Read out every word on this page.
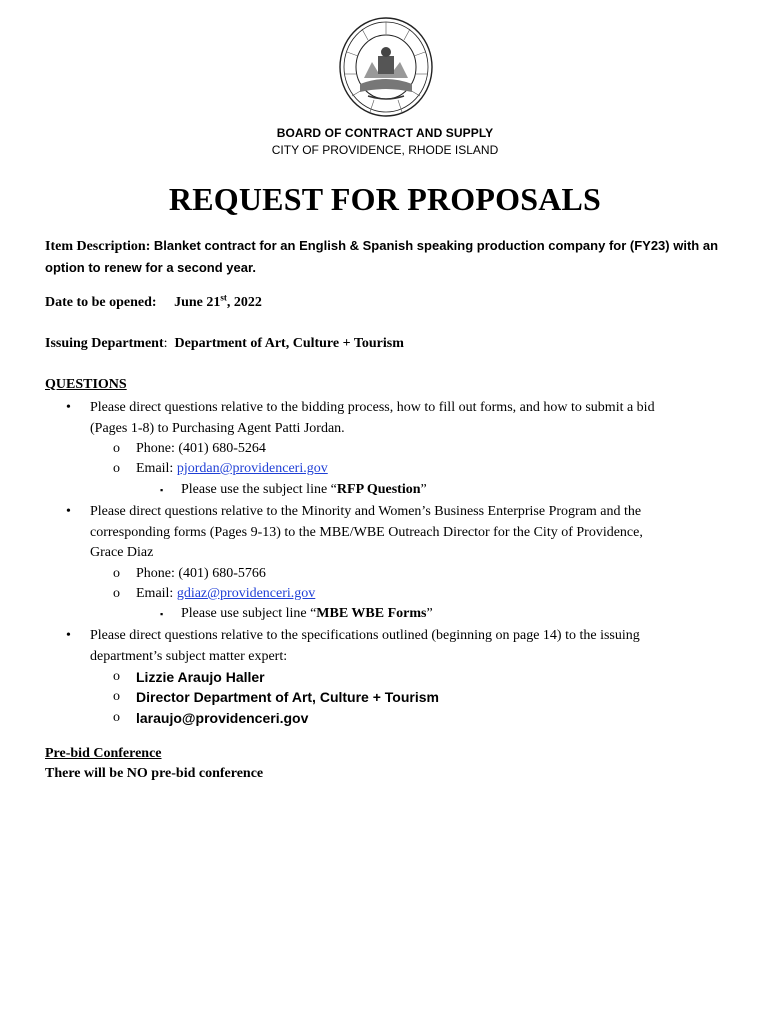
BOARD OF CONTRACT AND SUPPLY
CITY OF PROVIDENCE, RHODE ISLAND
REQUEST FOR PROPOSALS
Item Description: Blanket contract for an English & Spanish speaking production company for (FY23) with an option to renew for a second year.
Date to be opened: June 21st, 2022
Issuing Department: Department of Art, Culture + Tourism
QUESTIONS
• Please direct questions relative to the bidding process, how to fill out forms, and how to submit a bid
(Pages 1-8) to Purchasing Agent Patti Jordan.
o Phone: (401) 680-5264
o Email: pjordan@providenceri.gov
▪ Please use the subject line “RFP Question”
• Please direct questions relative to the Minority and Women’s Business Enterprise Program and the
corresponding forms (Pages 9-13) to the MBE/WBE Outreach Director for the City of Providence,
Grace Diaz
o Phone: (401) 680-5766
o Email: gdiaz@providenceri.gov
▪ Please use subject line “MBE WBE Forms”
• Please direct questions relative to the specifications outlined (beginning on page 14) to the issuing
department’s subject matter expert:
o Lizzie Araujo Haller
o Director Department of Art, Culture + Tourism
o laraujo@providenceri.gov
Pre-bid Conference
There will be NO pre-bid conference
